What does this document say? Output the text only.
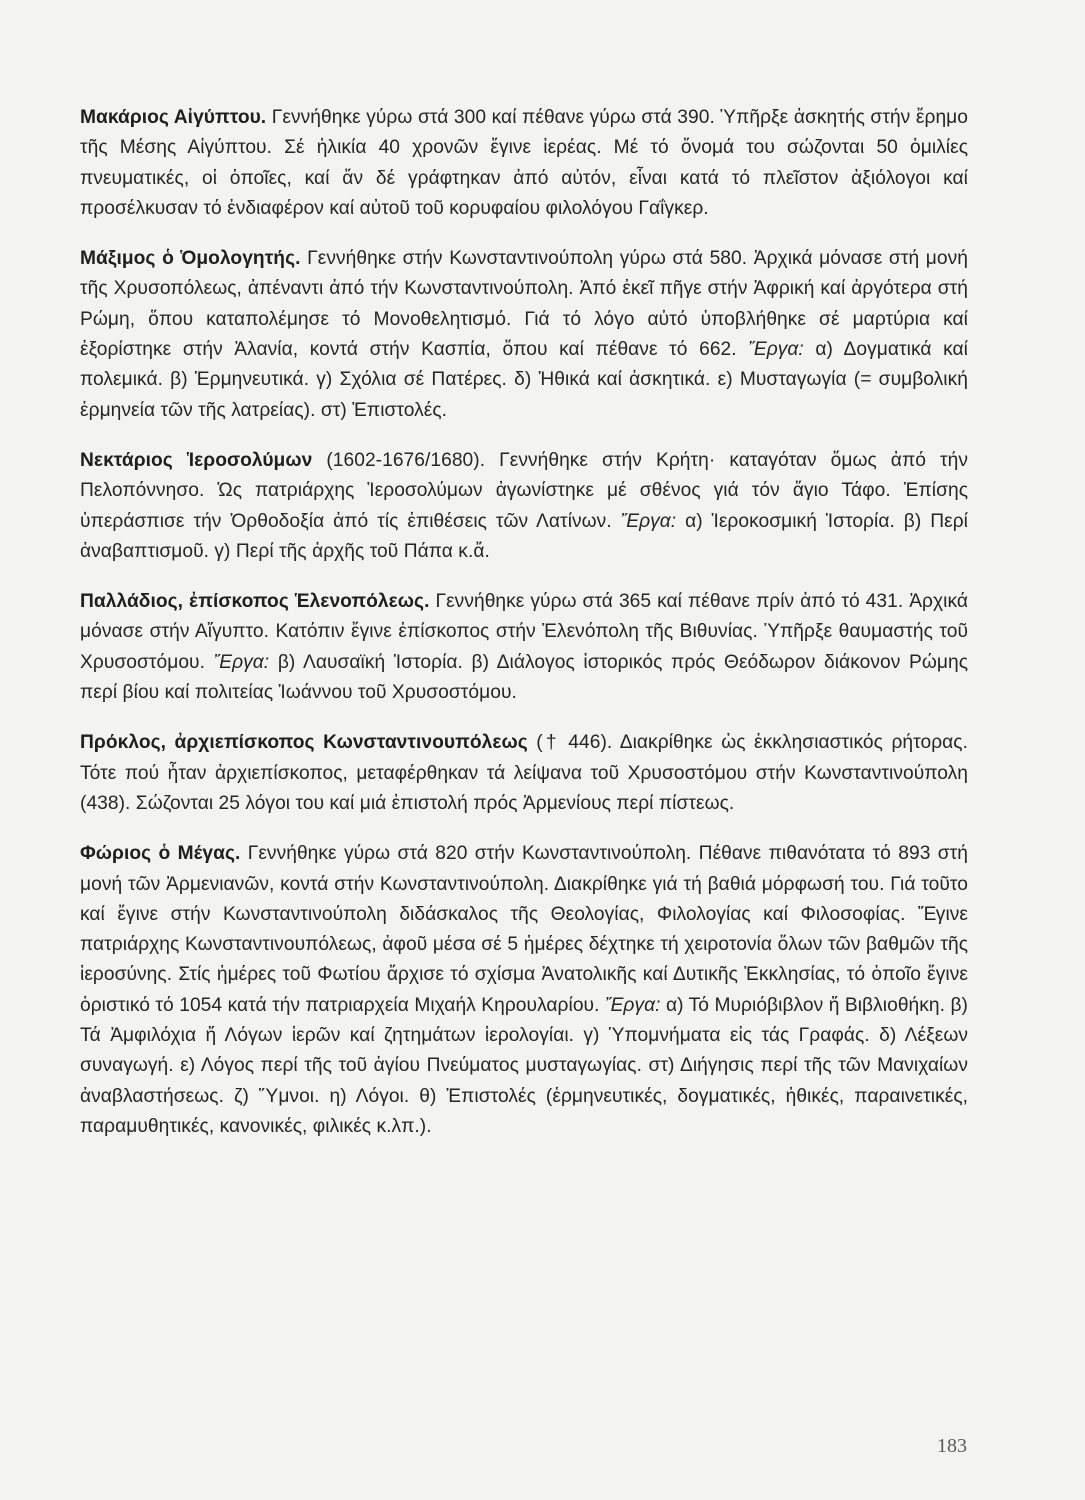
Μακάριος Αἰγύπτου. Γεννήθηκε γύρω στά 300 καί πέθανε γύρω στά 390. Ὑπῆρξε ἀσκητής στήν ἔρημο τῆς Μέσης Αἰγύπτου. Σέ ἡλικία 40 χρονῶν ἔγινε ἱερέας. Μέ τό ὄνομά του σώζονται 50 ὁμιλίες πνευματικές, οἱ ὁποῖες, καί ἄν δέ γράφτηκαν ἀπό αὐτόν, εἶναι κατά τό πλεῖστον ἀξιόλογοι καί προσέλκυσαν τό ἐνδιαφέρον καί αὐτοῦ τοῦ κορυφαίου φιλολόγου Γαΐγκερ.

Μάξιμος ὁ Ὁμολογητής. Γεννήθηκε στήν Κωνσταντινούπολη γύρω στά 580. Ἀρχικά μόνασε στή μονή τῆς Χρυσοπόλεως, ἀπέναντι ἀπό τήν Κωνσταντινούπολη. Ἀπό ἐκεῖ πῆγε στήν Ἀφρική καί ἀργότερα στή Ρώμη, ὅπου καταπολέμησε τό Μονοθελητισμό. Γιά τό λόγο αὐτό ὑποβλήθηκε σέ μαρτύρια καί ἐξορίστηκε στήν Ἀλανία, κοντά στήν Κασπία, ὅπου καί πέθανε τό 662. Ἔργα: α) Δογματικά καί πολεμικά. β) Ἑρμηνευτικά. γ) Σχόλια σέ Πατέρες. δ) Ἠθικά καί ἀσκητικά. ε) Μυσταγωγία (= συμβολική ἑρμηνεία τῶν τῆς λατρείας). στ) Ἐπιστολές.

Νεκτάριος Ἱεροσολύμων (1602-1676/1680). Γεννήθηκε στήν Κρήτη· καταγόταν ὅμως ἀπό τήν Πελοπόννησο. Ὡς πατριάρχης Ἱεροσολύμων ἀγωνίστηκε μέ σθένος γιά τόν ἅγιο Τάφο. Ἐπίσης ὑπεράσπισε τήν Ὀρθοδοξία ἀπό τίς ἐπιθέσεις τῶν Λατίνων. Ἔργα: α) Ἱεροκοσμική Ἱστορία. β) Περί ἀναβαπτισμοῦ. γ) Περί τῆς ἀρχῆς τοῦ Πάπα κ.ἄ.

Παλλάδιος, ἐπίσκοπος Ἑλενοπόλεως. Γεννήθηκε γύρω στά 365 καί πέθανε πρίν ἀπό τό 431. Ἀρχικά μόνασε στήν Αἴγυπτο. Κατόπιν ἔγινε ἐπίσκοπος στήν Ἑλενόπολη τῆς Βιθυνίας. Ὑπῆρξε θαυμαστής τοῦ Χρυσοστόμου. Ἔργα: β) Λαυσαϊκή Ἱστορία. β) Διάλογος ἱστορικός πρός Θεόδωρον διάκονον Ρώμης περί βίου καί πολιτείας Ἰωάννου τοῦ Χρυσοστόμου.

Πρόκλος, ἀρχιεπίσκοπος Κωνσταντινουπόλεως († 446). Διακρίθηκε ὡς ἐκκλησιαστικός ρήτορας. Τότε πού ἦταν ἀρχιεπίσκοπος, μεταφέρθηκαν τά λείψανα τοῦ Χρυσοστόμου στήν Κωνσταντινούπολη (438). Σώζονται 25 λόγοι του καί μιά ἐπιστολή πρός Ἀρμενίους περί πίστεως.

Φώριος ὁ Μέγας. Γεννήθηκε γύρω στά 820 στήν Κωνσταντινούπολη. Πέθανε πιθανότατα τό 893 στή μονή τῶν Ἀρμενιανῶν, κοντά στήν Κωνσταντινούπολη. Διακρίθηκε γιά τή βαθιά μόρφωσή του. Γιά τοῦτο καί ἔγινε στήν Κωνσταντινούπολη διδάσκαλος τῆς Θεολογίας, Φιλολογίας καί Φιλοσοφίας. Ἔγινε πατριάρχης Κωνσταντινουπόλεως, ἀφοῦ μέσα σέ 5 ἡμέρες δέχτηκε τή χειροτονία ὅλων τῶν βαθμῶν τῆς ἱεροσύνης. Στίς ἡμέρες τοῦ Φωτίου ἄρχισε τό σχίσμα Ἀνατολικῆς καί Δυτικῆς Ἐκκλησίας, τό ὁποῖο ἔγινε ὁριστικό τό 1054 κατά τήν πατριαρχεία Μιχαήλ Κηρουλαρίου. Ἔργα: α) Τό Μυριόβιβλον ἤ Βιβλιοθήκη. β) Τά Ἀμφιλόχια ἤ Λόγων ἱερῶν καί ζητημάτων ἱερολογίαι. γ) Ὑπομνήματα εἰς τάς Γραφάς. δ) Λέξεων συναγωγή. ε) Λόγος περί τῆς τοῦ ἁγίου Πνεύματος μυσταγωγίας. στ) Διήγησις περί τῆς τῶν Μανιχαίων ἀναβλαστήσεως. ζ) Ὕμνοι. η) Λόγοι. θ) Ἐπιστολές (ἑρμηνευτικές, δογματικές, ἠθικές, παραινετικές, παραμυθητικές, κανονικές, φιλικές κ.λπ.).

183
